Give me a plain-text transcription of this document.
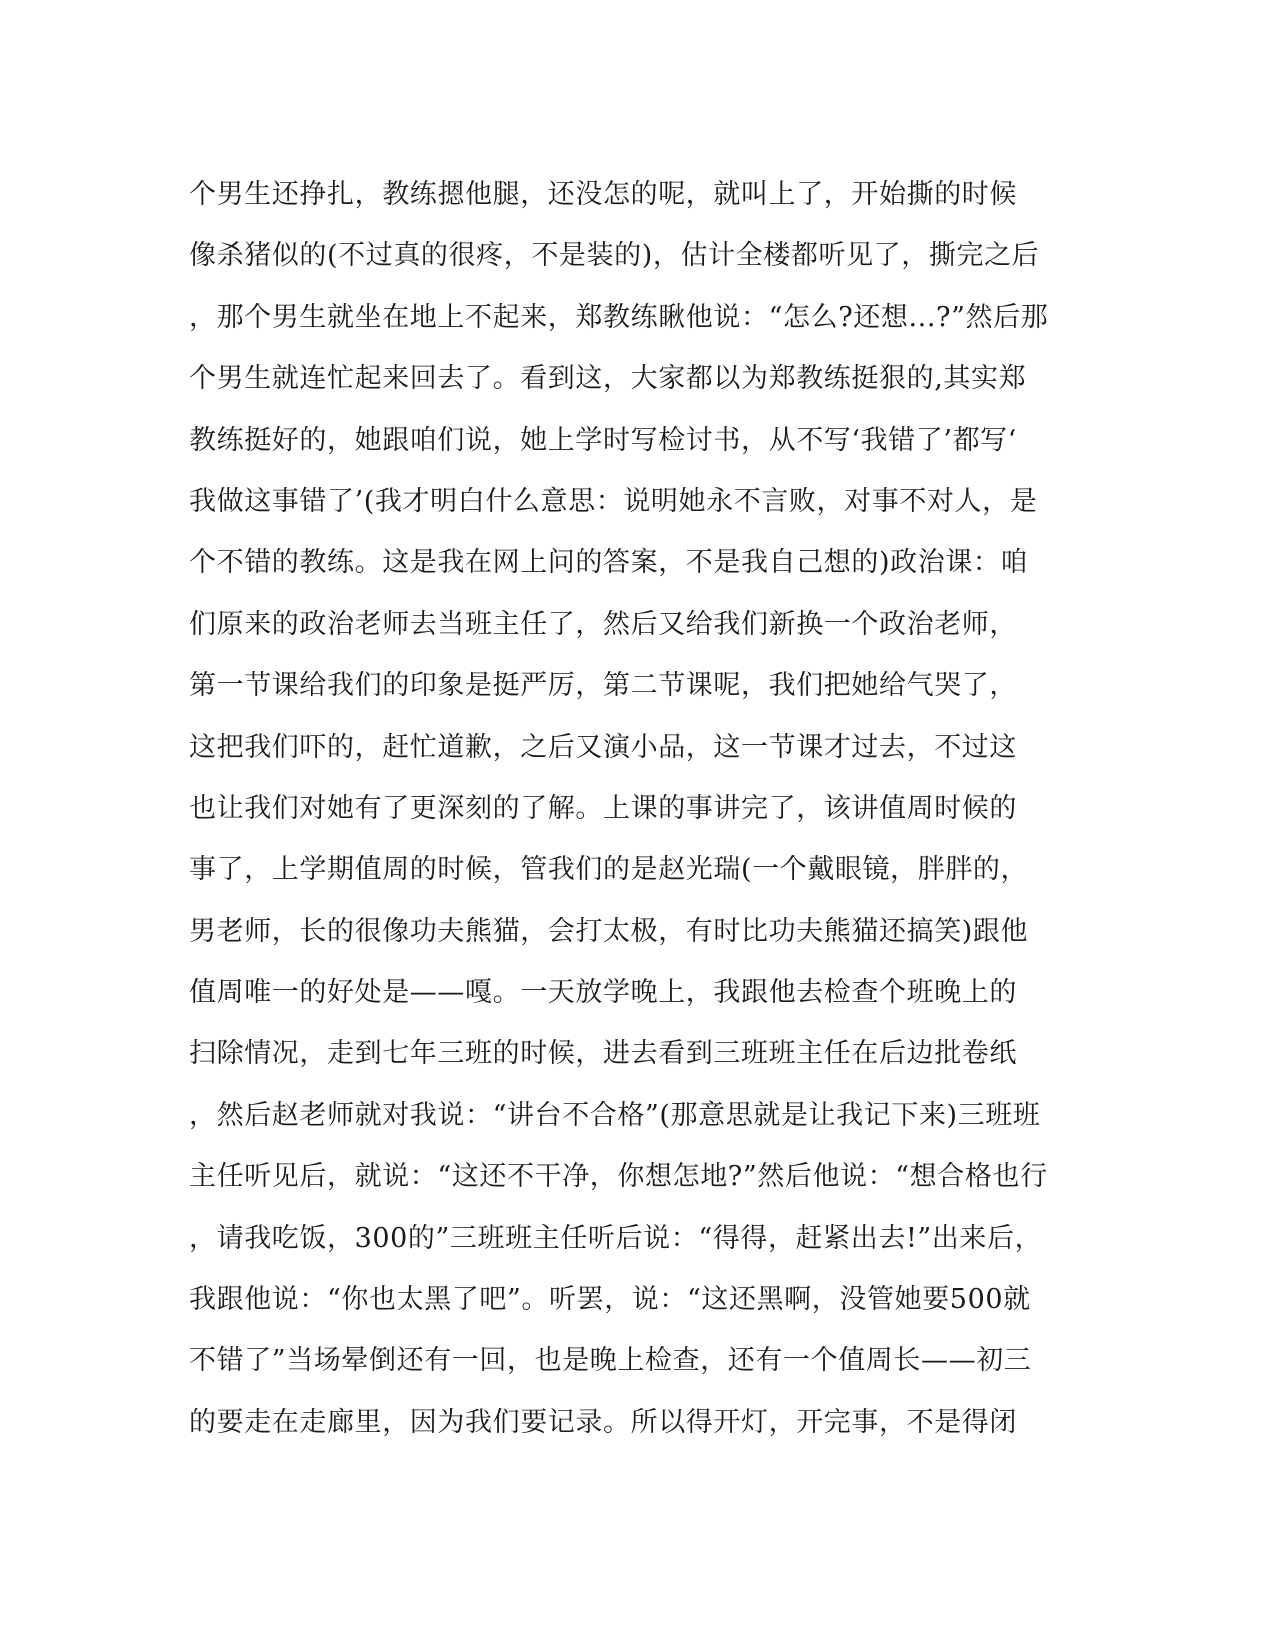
个男生还挣扎，教练摁他腿，还没怎的呢，就叫上了，开始撕的时候
像杀猪似的(不过真的很疼，不是装的)，估计全楼都听见了，撕完之后
，那个男生就坐在地上不起来，郑教练瞅他说：“怎么?还想...?”然后那
个男生就连忙起来回去了。看到这，大家都以为郑教练挺狠的,其实郑
教练挺好的，她跟咱们说，她上学时写检讨书，从不写‘我错了’都写‘
我做这事错了’(我才明白什么意思：说明她永不言败，对事不对人，是
个不错的教练。这是我在网上问的答案，不是我自己想的)政治课：咱
们原来的政治老师去当班主任了，然后又给我们新换一个政治老师，
第一节课给我们的印象是挺严厉，第二节课呢，我们把她给气哭了，
这把我们吓的，赶忙道歉，之后又演小品，这一节课才过去，不过这
也让我们对她有了更深刻的了解。上课的事讲完了，该讲值周时候的
事了，上学期值周的时候，管我们的是赵光瑞(一个戴眼镜，胖胖的，
男老师，长的很像功夫熊猫，会打太极，有时比功夫熊猫还搞笑)跟他
值周唯一的好处是——嘎。一天放学晚上，我跟他去检查个班晚上的
扫除情况，走到七年三班的时候，进去看到三班班主任在后边批卷纸
，然后赵老师就对我说：“讲台不合格”(那意思就是让我记下来)三班班
主任听见后，就说：“这还不干净，你想怎地?”然后他说：“想合格也行
，请我吃饭，300的”三班班主任听后说：“得得，赶紧出去!”出来后，
我跟他说：“你也太黑了吧”。听罢，说：“这还黑啊，没管她要500就
不错了”当场晕倒还有一回，也是晚上检查，还有一个值周长——初三
的要走在走廊里，因为我们要记录。所以得开灯，开完事，不是得闭
